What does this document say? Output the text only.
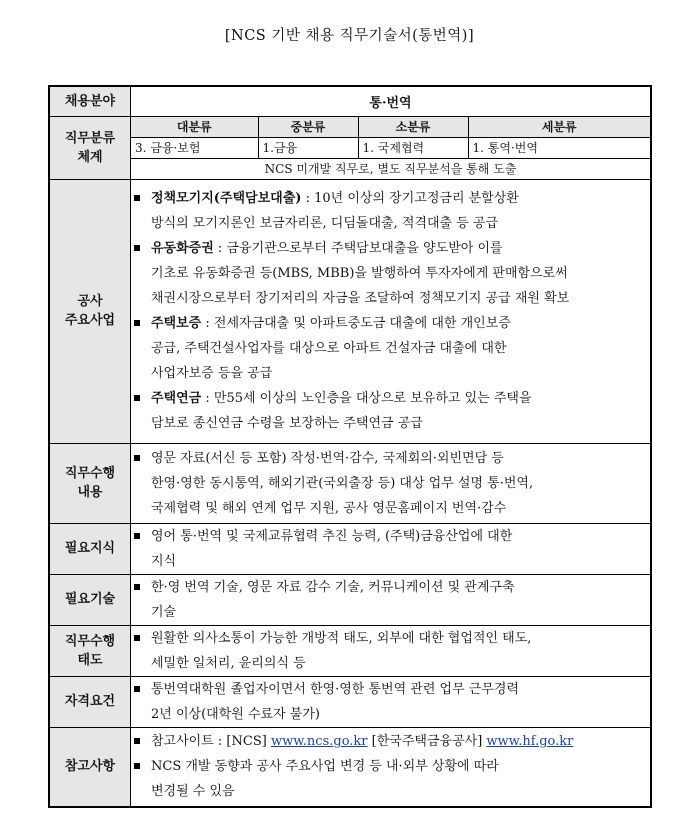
[NCS 기반 채용 직무기술서(통번역)]
채용분야	통·번역

직무분류
체계

대분류	중분류	소분류	세분류
3. 금융·보험	1.금융	1. 국제협력	1. 통역·번역
NCS 미개발 직무로, 별도 직무분석을 통해 도출

공사
주요사업

정책모기지(주택담보대출) : 10년 이상의 장기고정금리 분할상환
방식의 모기지론인 보금자리론, 디딤돌대출, 적격대출 등 공급
유동화증권 : 금융기관으로부터 주택담보대출을 양도받아 이를
기초로 유동화증권 등(MBS, MBB)을 발행하여 투자자에게 판매함으로써
채권시장으로부터 장기저리의 자금을 조달하여 정책모기지 공급 재원 확보
주택보증 : 전세자금대출 및 아파트중도금 대출에 대한 개인보증
공급, 주택건설사업자를 대상으로 아파트 건설자금 대출에 대한
사업자보증 등을 공급
주택연금 : 만55세 이상의 노인층을 대상으로 보유하고 있는 주택을
담보로 종신연금 수령을 보장하는 주택연금 공급

직무수행
내용

영문 자료(서신 등 포함) 작성·번역·감수, 국제회의·외빈면담 등
한영·영한 동시통역, 해외기관(국외출장 등) 대상 업무 설명 통·번역,
국제협력 및 해외 연계 업무 지원, 공사 영문홈페이지 번역·감수

필요지식

영어 통·번역 및 국제교류협력 추진 능력, (주택)금융산업에 대한
지식

필요기술

한·영 번역 기술, 영문 자료 감수 기술, 커뮤니케이션 및 관계구축
기술

직무수행
태도

원활한 의사소통이 가능한 개방적 태도, 외부에 대한 협업적인 태도,
세밀한 일처리, 윤리의식 등

자격요건

통번역대학원 졸업자이면서 한영·영한 통번역 관련 업무 근무경력
2년 이상(대학원 수료자 불가)

참고사항

참고사이트 : [NCS] www.ncs.go.kr [한국주택금융공사] www.hf.go.kr
NCS 개발 동향과 공사 주요사업 변경 등 내·외부 상황에 따라
변경될 수 있음
